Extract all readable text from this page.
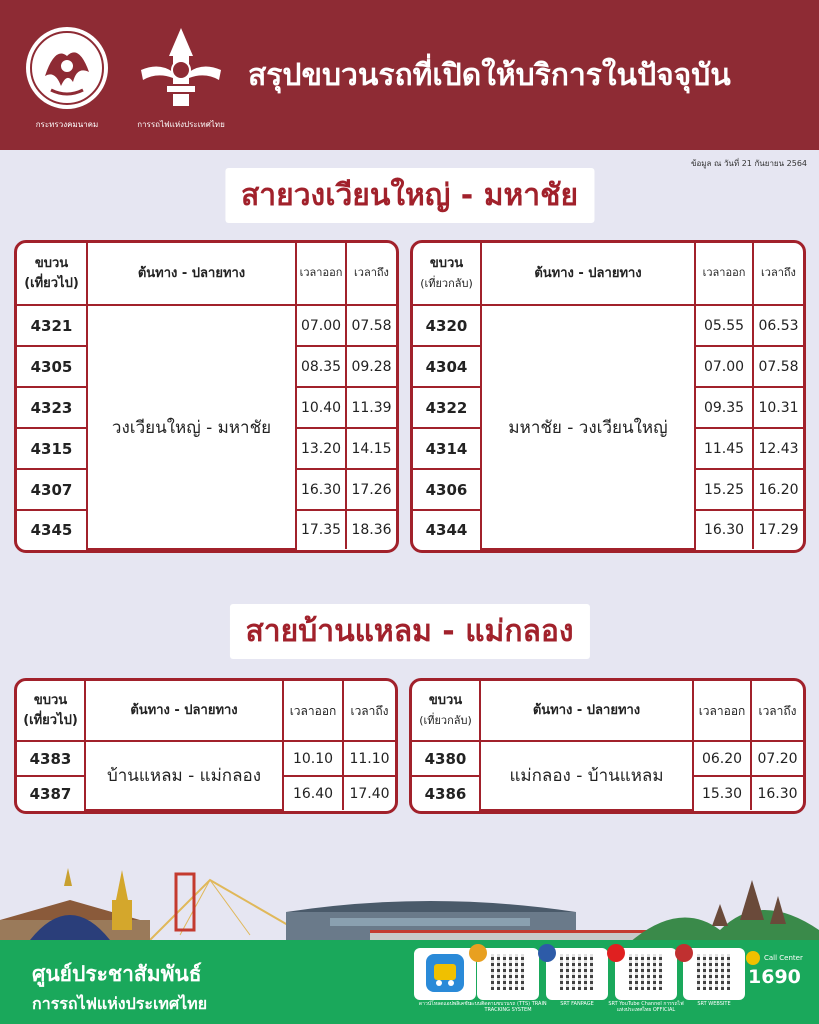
กระทรวงคมนาคม	การรถไฟแห่งประเทศไทย
สรุปขบวนรถที่เปิดให้บริการในปัจจุบัน
ข้อมูล ณ วันที่ 21 กันยายน 2564
สายวงเวียนใหญ่ - มหาชัย
ขบวน
(เที่ยวไป)	ต้นทาง - ปลายทาง	เวลาออก	เวลาถึง
4321	วงเวียนใหญ่ - มหาชัย	07.00	07.58
4305		08.35	09.28
4323		10.40	11.39
4315		13.20	14.15
4307		16.30	17.26
4345		17.35	18.36
ขบวน
(เที่ยวกลับ)	ต้นทาง - ปลายทาง	เวลาออก	เวลาถึง
4320	มหาชัย - วงเวียนใหญ่	05.55	06.53
4304		07.00	07.58
4322		09.35	10.31
4314		11.45	12.43
4306		15.25	16.20
4344		16.30	17.29
สายบ้านแหลม - แม่กลอง
ขบวน
(เที่ยวไป)	ต้นทาง - ปลายทาง	เวลาออก	เวลาถึง
4383	บ้านแหลม - แม่กลอง	10.10	11.10
4387		16.40	17.40
ขบวน
(เที่ยวกลับ)	ต้นทาง - ปลายทาง	เวลาออก	เวลาถึง
4380	แม่กลอง - บ้านแหลม	06.20	07.20
4386		15.30	16.30
ศูนย์ประชาสัมพันธ์
การรถไฟแห่งประเทศไทย	ดาวน์โหลดแอปพลิเคชัน
ระบบติดตามขบวนรถ (TTS) TRAIN TRACKING SYSTEM
SRT FANPAGE	SRT YouTube Channel การรถไฟแห่งประเทศไทย OFFICIAL
SRT WEBSITE
Call Center
1690
